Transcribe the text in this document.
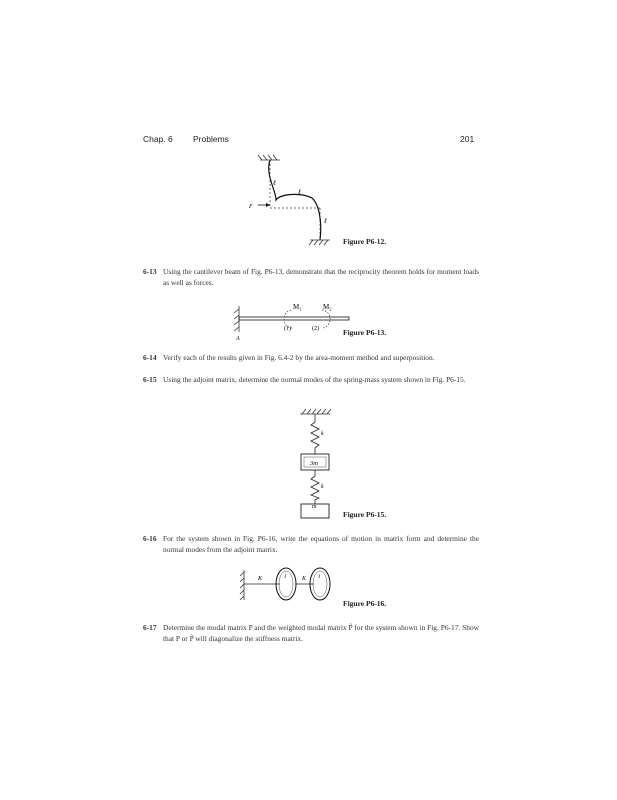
Chap. 6 Problems	201
ℓ
ℓ
ℓ
F
Figure P6-12.
6-13 Using the cantilever beam of Fig. P6-13, demonstrate that the reciprocity theorem holds for moment loads as well as forces.
M₁	M₂
(1)	(2)
A
Figure P6-13.
6-14 Verify each of the results given in Fig. 6.4-2 by the area-moment method and superposition.
6-15 Using the adjoint matrix, determine the normal modes of the spring-mass system shown in Fig. P6-15.
k
3m
k
m
Figure P6-15.
6-16 For the system shown in Fig. P6-16, write the equations of motion in matrix form and determine the normal modes from the adjoint matrix.
K	J	K J
Figure P6-16.
6-17 Determine the modal matrix P and the weighted modal matrix P̃ for the system shown in Fig. P6-17. Show that P or P̃ will diagonalize the stiffness matrix.
